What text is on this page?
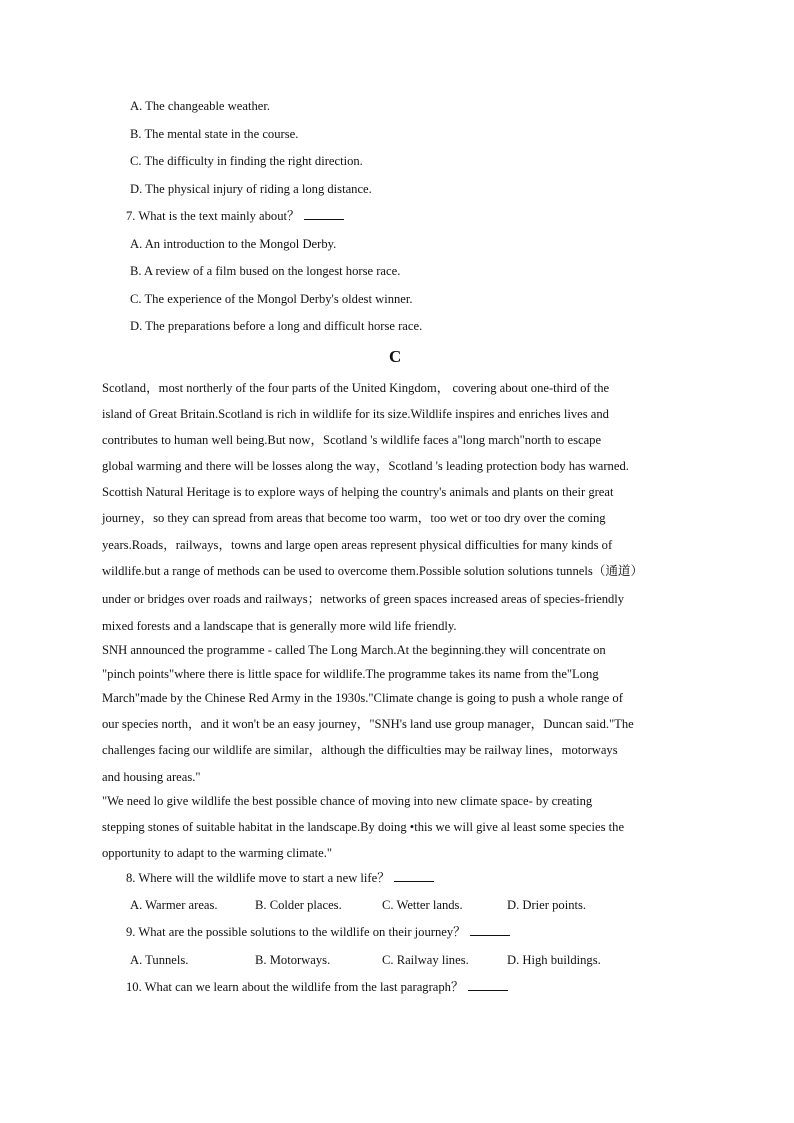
A. The changeable weather.
B. The mental state in the course.
C. The difficulty in finding the right direction.
D. The physical injury of riding a long distance.
7. What is the text mainly about？
A. An introduction to the Mongol Derby.
B. A review of a film bused on the longest horse race.
C. The experience of the Mongol Derby's oldest winner.
D. The preparations before a long and difficult horse race.
C
Scotland，most northerly of the four parts of the United Kingdom， covering about one-third of the
island of Great Britain.Scotland is rich in wildlife for its size.Wildlife inspires and enriches lives and
contributes to human well being.But now，Scotland 's wildlife faces a"long march"north to escape
global warming and there will be losses along the way，Scotland 's leading protection body has warned.
Scottish Natural Heritage is to explore ways of helping the country's animals and plants on their great
journey，so they can spread from areas that become too warm，too wet or too dry over the coming
years.Roads，railways，towns and large open areas represent physical difficulties for many kinds of
wildlife.but a range of methods can be used to overcome them.Possible solution solutions tunnels（通道）
under or bridges over roads and railways；networks of green spaces increased areas of species-friendly
mixed forests and a landscape that is generally more wild life friendly.
SNH announced the programme - called The Long March.At the beginning.they will concentrate on
"pinch points"where there is little space for wildlife.The programme takes its name from the"Long
March"made by the Chinese Red Army in the 1930s."Climate change is going to push a whole range of
our species north，and it won't be an easy journey，"SNH's land use group manager，Duncan said."The
challenges facing our wildlife are similar，although the difficulties may be railway lines，motorways
and housing areas."
"We need lo give wildlife the best possible chance of moving into new climate space- by creating
stepping stones of suitable habitat in the landscape.By doing •this we will give al least some species the
opportunity to adapt to the warming climate."
8. Where will the wildlife move to start a new life？
A. Warmer areas.	B. Colder places.	C. Wetter lands.	D. Drier points.
9. What are the possible solutions to the wildlife on their journey？
A. Tunnels.	B. Motorways.	C. Railway lines.	D. High buildings.
10. What can we learn about the wildlife from the last paragraph？
